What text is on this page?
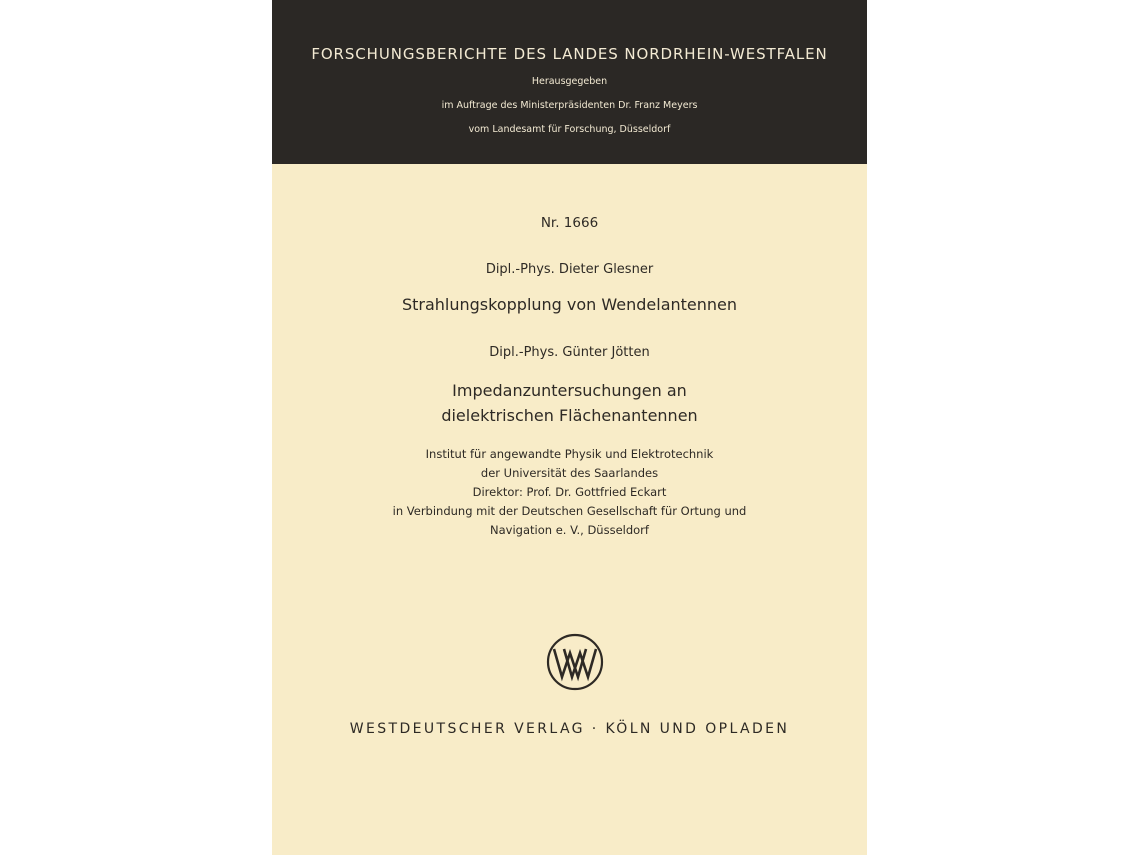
FORSCHUNGSBERICHTE DES LANDES NORDRHEIN-WESTFALEN
Herausgegeben
im Auftrage des Ministerpräsidenten Dr. Franz Meyers
vom Landesamt für Forschung, Düsseldorf
Nr. 1666
Dipl.-Phys. Dieter Glesner
Strahlungskopplung von Wendelantennen
Dipl.-Phys. Günter Jötten
Impedanzuntersuchungen an
dielektrischen Flächenantennen
Institut für angewandte Physik und Elektrotechnik
der Universität des Saarlandes
Direktor: Prof. Dr. Gottfried Eckart
in Verbindung mit der Deutschen Gesellschaft für Ortung und
Navigation e. V., Düsseldorf
WESTDEUTSCHER VERLAG · KÖLN UND OPLADEN
